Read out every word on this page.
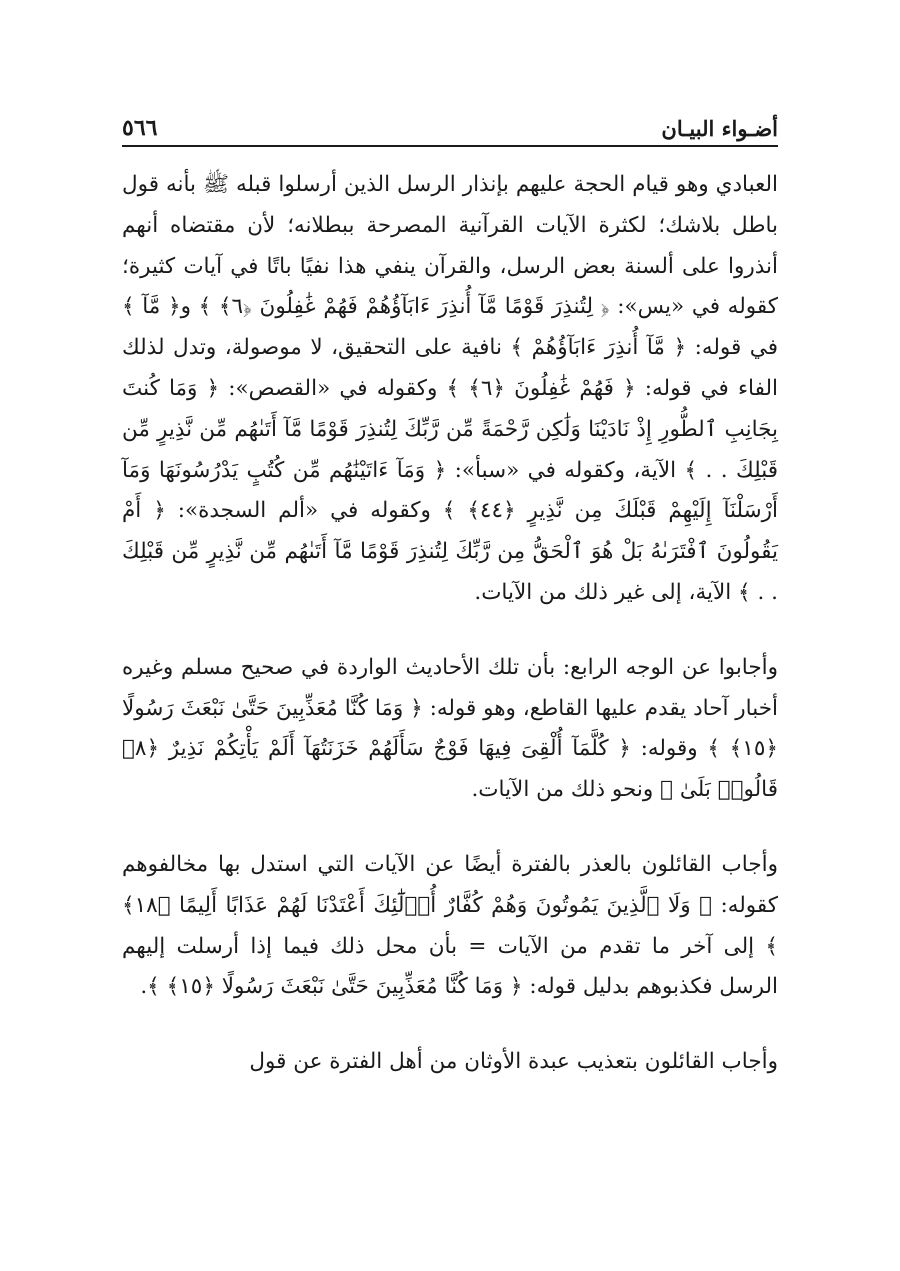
أضـواء البيـان
٥٦٦

العبادي وهو قيام الحجة عليهم بإنذار الرسل الذين أرسلوا قبله ﷺ بأنه قول باطل بلاشك؛ لكثرة الآيات القرآنية المصرحة ببطلانه؛ لأن مقتضاه أنهم أنذروا على ألسنة بعض الرسل، والقرآن ينفي هذا نفيًا باتًا في آيات كثيرة؛ كقوله في «يس»: ﴿ لِتُنذِرَ قَوْمًا مَّآ أُنذِرَ ءَابَآؤُهُمْ فَهُمْ غَٰفِلُونَ ﴿٦﴾ ﴾ و﴿ مَّآ ﴾ في قوله: ﴿ مَّآ أُنذِرَ ءَابَآؤُهُمْ ﴾ نافية على التحقيق، لا موصولة، وتدل لذلك الفاء في قوله: ﴿ فَهُمْ غَٰفِلُونَ ﴿٦﴾ ﴾ وكقوله في «القصص»: ﴿ وَمَا كُنتَ بِجَانِبِ ٱلطُّورِ إِذْ نَادَيْنَا وَلَٰكِن رَّحْمَةً مِّن رَّبِّكَ لِتُنذِرَ قَوْمًا مَّآ أَتَىٰهُم مِّن نَّذِيرٍ مِّن قَبْلِكَ . . ﴾ الآية، وكقوله في «سبأ»: ﴿ وَمَآ ءَاتَيْنَٰهُم مِّن كُتُبٍ يَدْرُسُونَهَا وَمَآ أَرْسَلْنَآ إِلَيْهِمْ قَبْلَكَ مِن نَّذِيرٍ ﴿٤٤﴾ ﴾ وكقوله في «ألم السجدة»: ﴿ أَمْ يَقُولُونَ ٱفْتَرَىٰهُ بَلْ هُوَ ٱلْحَقُّ مِن رَّبِّكَ لِتُنذِرَ قَوْمًا مَّآ أَتَىٰهُم مِّن نَّذِيرٍ مِّن قَبْلِكَ . . ﴾ الآية، إلى غير ذلك من الآيات.

وأجابوا عن الوجه الرابع: بأن تلك الأحاديث الواردة في صحيح مسلم وغيره أخبار آحاد يقدم عليها القاطع، وهو قوله: ﴿ وَمَا كُنَّا مُعَذِّبِينَ حَتَّىٰ نَبْعَثَ رَسُولًا ﴿١٥﴾ ﴾ وقوله: ﴿ كُلَّمَآ أُلْقِىَ فِيهَا فَوْجٌ سَأَلَهُمْ خَزَنَتُهَآ أَلَمْ يَأْتِكُمْ نَذِيرٌ ﴿٨﴾ قَالُوا۟ بَلَىٰ ﴾ ونحو ذلك من الآيات.

وأجاب القائلون بالعذر بالفترة أيضًا عن الآيات التي استدل بها مخالفوهم كقوله: ﴿ وَلَا ٱلَّذِينَ يَمُوتُونَ وَهُمْ كُفَّارٌ أُو۟لَٰٓئِكَ أَعْتَدْنَا لَهُمْ عَذَابًا أَلِيمًا ﴿١٨﴾ ﴾ إلى آخر ما تقدم من الآيات = بأن محل ذلك فيما إذا أرسلت إليهم الرسل فكذبوهم بدليل قوله: ﴿ وَمَا كُنَّا مُعَذِّبِينَ حَتَّىٰ نَبْعَثَ رَسُولًا ﴿١٥﴾ ﴾.

وأجاب القائلون بتعذيب عبدة الأوثان من أهل الفترة عن قول
